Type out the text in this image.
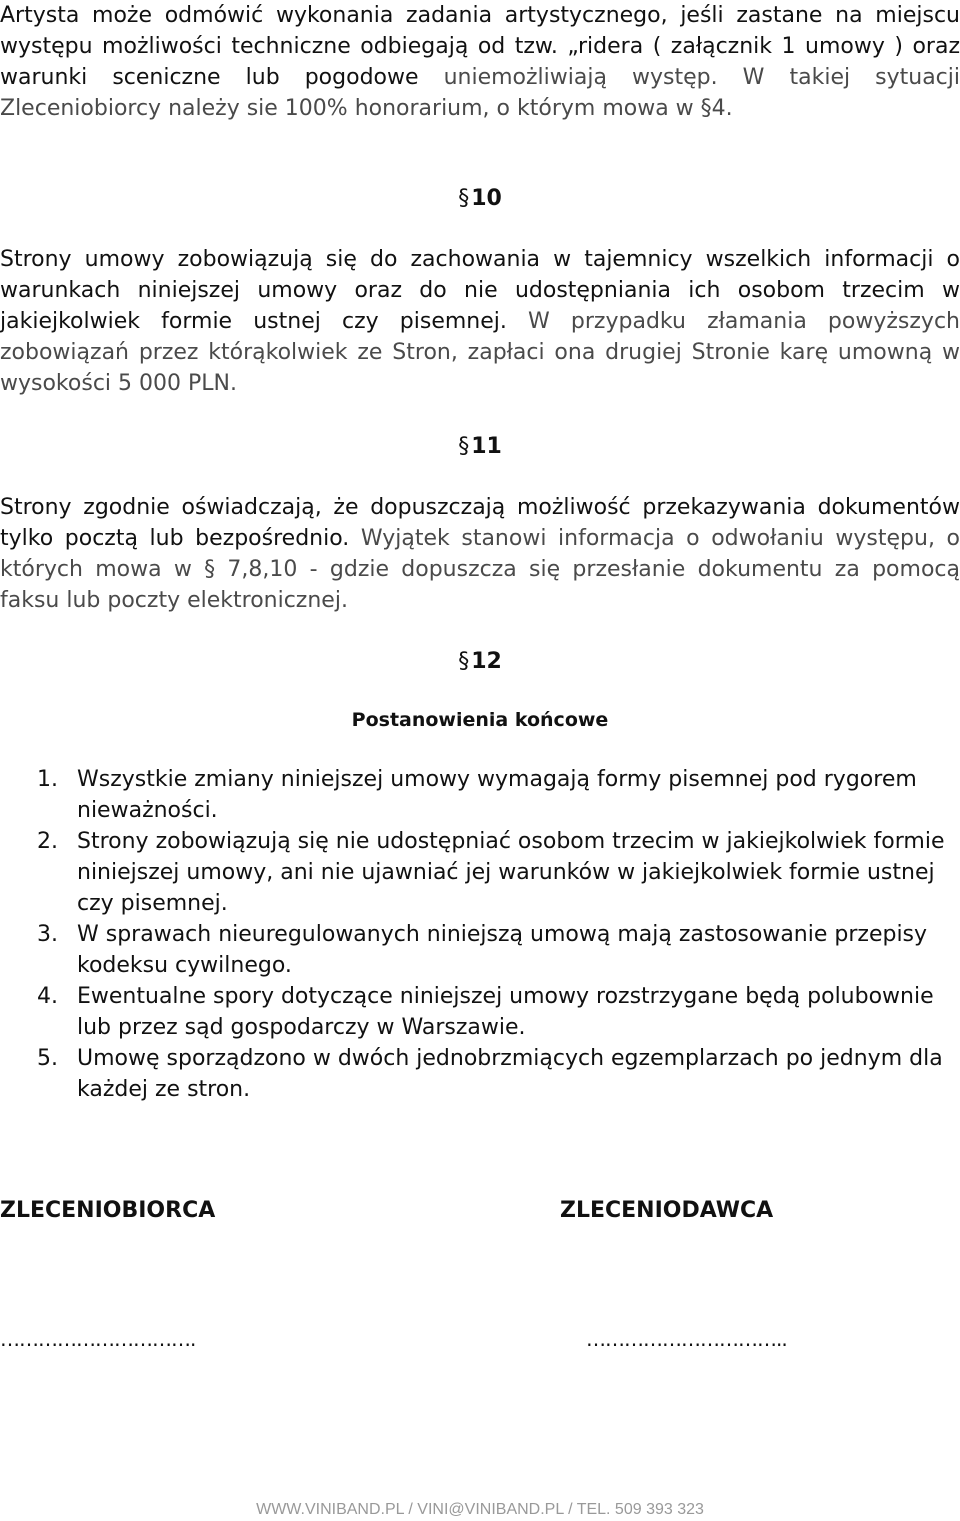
Artysta może odmówić wykonania zadania artystycznego, jeśli zastane na miejscu występu możliwości techniczne odbiegają od tzw. „ridera ( załącznik 1 umowy ) oraz warunki sceniczne lub pogodowe uniemożliwiają występ. W takiej sytuacji Zleceniobiorcy należy sie 100% honorarium, o którym mowa w §4.

§10

Strony umowy zobowiązują się do zachowania w tajemnicy wszelkich informacji o warunkach niniejszej umowy oraz do nie udostępniania ich osobom trzecim w jakiejkolwiek formie ustnej czy pisemnej. W przypadku złamania powyższych zobowiązań przez którąkolwiek ze Stron, zapłaci ona drugiej Stronie karę umowną w wysokości 5 000 PLN.

§11

Strony zgodnie oświadczają, że dopuszczają możliwość przekazywania dokumentów tylko pocztą lub bezpośrednio. Wyjątek stanowi informacja o odwołaniu występu, o których mowa w § 7,8,10 - gdzie dopuszcza się przesłanie dokumentu za pomocą faksu lub poczty elektronicznej.

§12
Postanowienia końcowe
1. Wszystkie zmiany niniejszej umowy wymagają formy pisemnej pod rygorem nieważności.
2. Strony zobowiązują się nie udostępniać osobom trzecim w jakiejkolwiek formie niniejszej umowy, ani nie ujawniać jej warunków w jakiejkolwiek formie ustnej czy pisemnej.
3. W sprawach nieuregulowanych niniejszą umową mają zastosowanie przepisy kodeksu cywilnego.
4. Ewentualne spory dotyczące niniejszej umowy rozstrzygane będą polubownie lub przez sąd gospodarczy w Warszawie.
5. Umowę sporządzono w dwóch jednobrzmiących egzemplarzach po jednym dla każdej ze stron.
ZLECENIOBIORCA	ZLECENIODAWCA
………………………….	…………………………..
WWW.VINIBAND.PL / VINI@VINIBAND.PL / TEL. 509 393 323
